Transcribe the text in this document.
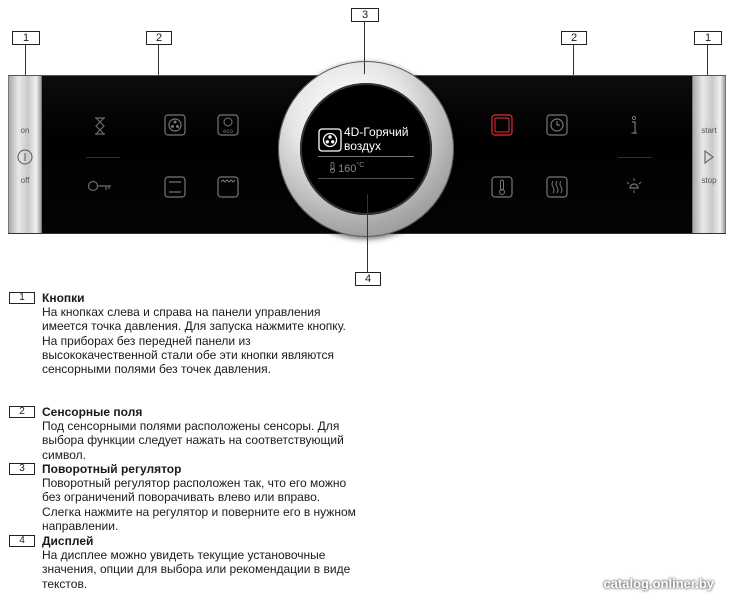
1	2
3
2	1
on
off
start
stop
eco	4D-Горячий
воздух
$160^{^\circ C}$
4
1	Кнопки

На кнопках слева и справа на панели управления имеется точка давления. Для запуска нажмите кнопку.

На приборах без передней панели из высококачественной стали обе эти кнопки являются сенсорными полями без точек давления.

2	Сенсорные поля

Под сенсорными полями расположены сенсоры. Для выбора функции следует нажать на соответствующий символ.

3	Поворотный регулятор

Поворотный регулятор расположен так, что его можно без ограничений поворачивать влево или вправо. Слегка нажмите на регулятор и поверните его в нужном направлении.

4	Дисплей

На дисплее можно увидеть текущие установочные значения, опции для выбора или рекомендации в виде текстов.	catalog.onliner.by
